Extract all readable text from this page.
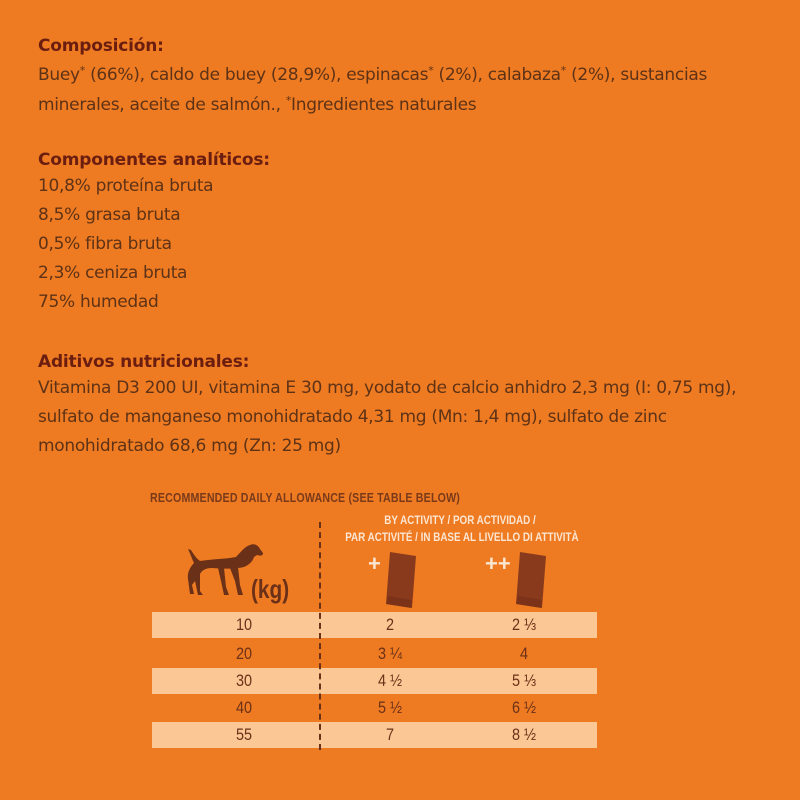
Composición:
Buey* (66%), caldo de buey (28,9%), espinacas* (2%), calabaza* (2%), sustancias
minerales, aceite de salmón., *Ingredientes naturales
Componentes analíticos:
10,8% proteína bruta
8,5% grasa bruta
0,5% fibra bruta
2,3% ceniza bruta
75% humedad
Aditivos nutricionales:
Vitamina D3 200 UI, vitamina E 30 mg, yodato de calcio anhidro 2,3 mg (I: 0,75 mg),
sulfato de manganeso monohidratado 4,31 mg (Mn: 1,4 mg), sulfato de zinc
monohidratado 68,6 mg (Zn: 25 mg)
RECOMMENDED DAILY ALLOWANCE (SEE TABLE BELOW)
BY ACTIVITY / POR ACTIVIDAD /
PAR ACTIVITÉ / IN BASE AL LIVELLO DI ATTIVITÀ
(kg)
+	++
10	2	2 ⅓
20	3 ¼	4
30	4 ½	5 ⅓
40	5 ½	6 ½
55	7	8 ½
